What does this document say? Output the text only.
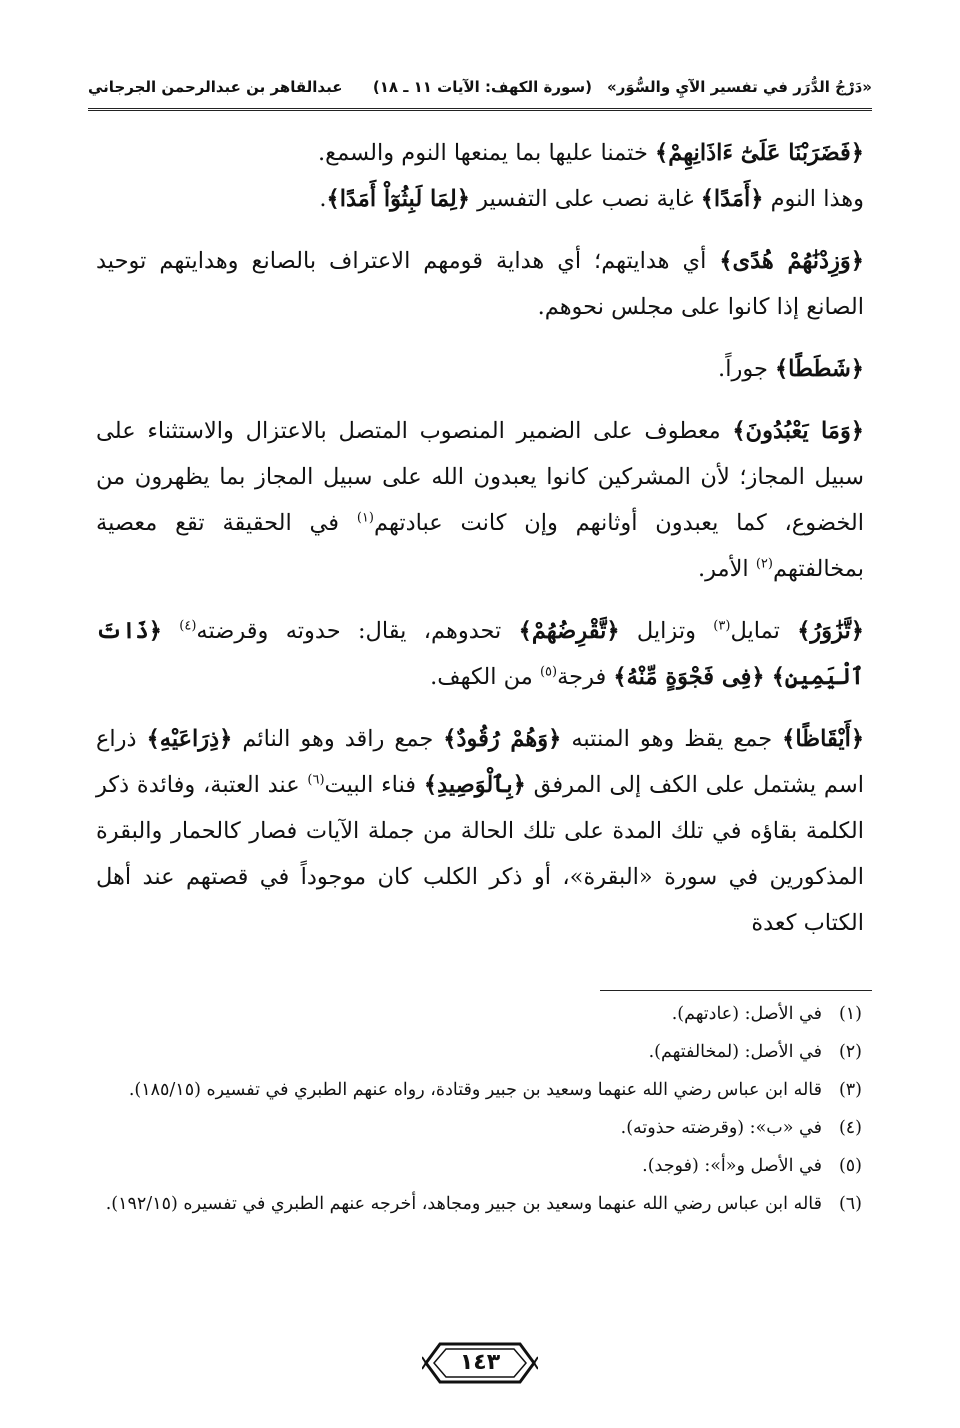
«دَرْجُ الدُّرَر في تفسير الآيِ والسُّوَر»
(سورة الكهف: الآيات ١١ ـ ١٨)
عبدالقاهر بن عبدالرحمن الجرجاني

﴿فَضَرَبْنَا عَلَىٰٓ ءَاذَانِهِمْ﴾ ختمنا عليها بما يمنعها النوم والسمع.
وهذا النوم ﴿أَمَدًا﴾ غاية نصب على التفسير ﴿لِمَا لَبِثُوٓاْ أَمَدًا﴾.

﴿وَزِدْنَٰهُمْ هُدًى﴾ أي هدايتهم؛ أي هداية قومهم الاعتراف بالصانع وهدايتهم توحيد الصانع إذا كانوا على مجلس نحوهم.

﴿شَطَطًا﴾ جوراً.

﴿وَمَا يَعْبُدُونَ﴾ معطوف على الضمير المنصوب المتصل بالاعتزال والاستثناء على سبيل المجاز؛ لأن المشركين كانوا يعبدون الله على سبيل المجاز بما يظهرون من الخضوع، كما يعبدون أوثانهم وإن كانت عبادتهم$^{(١)}$ في الحقيقة تقع معصية بمخالفتهم$^{(٢)}$ الأمر.

﴿تَّزَٰوَرُ﴾ تمايل$^{(٣)}$ وتزايل ﴿تَّقْرِضُهُمْ﴾ تحدوهم، يقال: حدوته وقرضته$^{(٤)}$ ﴿ذَاتَ ٱلْيَمِينِ﴾ ﴿فِى فَجْوَةٍ مِّنْهُ﴾ فرجة$^{(٥)}$ من الكهف.

﴿أَيْقَاظًا﴾ جمع يقظ وهو المنتبه ﴿وَهُمْ رُقُودٌ﴾ جمع راقد وهو النائم ﴿ذِرَاعَيْهِ﴾ ذراع اسم يشتمل على الكف إلى المرفق ﴿بِٱلْوَصِيدِ﴾ فناء البيت$^{(٦)}$ عند العتبة، وفائدة ذكر الكلمة بقاؤه في تلك المدة على تلك الحالة من جملة الآيات فصار كالحمار والبقرة المذكورين في سورة «البقرة»، أو ذكر الكلب كان موجوداً في قصتهم عند أهل الكتاب كعدة

(١)
في الأصل: (عادتهم).
(٢)
في الأصل: (لمخالفتهم).
(٣)
قاله ابن عباس رضي الله عنهما وسعيد بن جبير وقتادة، رواه عنهم الطبري في تفسيره (١٨٥/١٥).
(٤)
في «ب»: (وقرضته حذوته).
(٥)
في الأصل و«أ»: (فوجد).
(٦)
قاله ابن عباس رضي الله عنهما وسعيد بن جبير ومجاهد، أخرجه عنهم الطبري في تفسيره (١٩٢/١٥).
١٤٣
